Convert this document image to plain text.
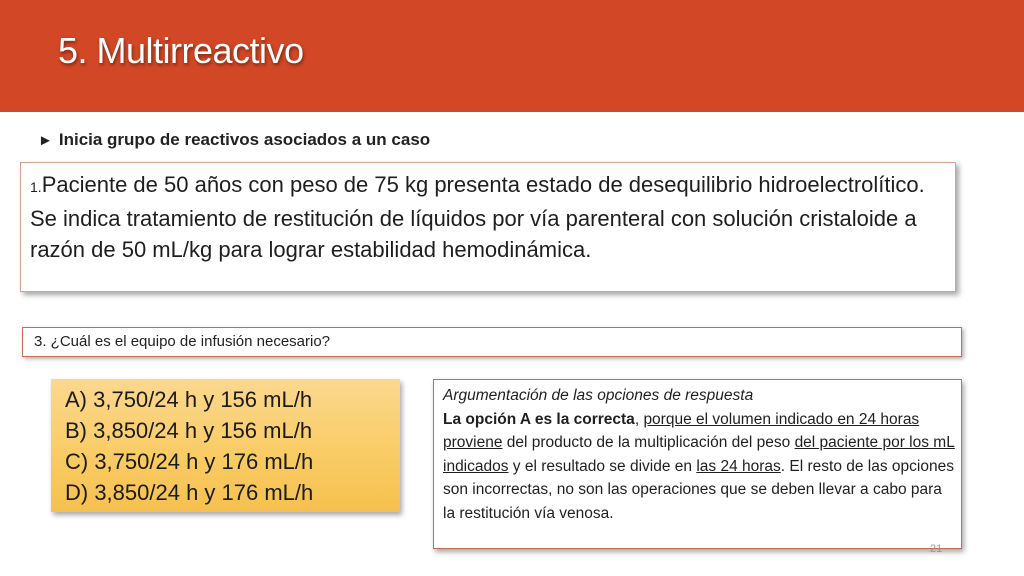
5. Multirreactivo
► Inicia grupo de reactivos asociados a un caso
1.Paciente de 50 años con peso de 75 kg presenta estado de desequilibrio hidroelectrolítico. Se indica tratamiento de restitución de líquidos por vía parenteral con solución cristaloide a razón de 50 mL/kg para lograr estabilidad hemodinámica.
3. ¿Cuál es el equipo de infusión necesario?
A) 3,750/24 h y 156 mL/h
B) 3,850/24 h y 156 mL/h
C) 3,750/24 h y 176 mL/h
D) 3,850/24 h y 176 mL/h
Argumentación de las opciones de respuesta
La opción A es la correcta, porque el volumen indicado en 24 horas proviene del producto de la multiplicación del peso del paciente por los mL indicados y el resultado se divide en las 24 horas. El resto de las opciones son incorrectas, no son las operaciones que se deben llevar a cabo para la restitución vía venosa.
21
